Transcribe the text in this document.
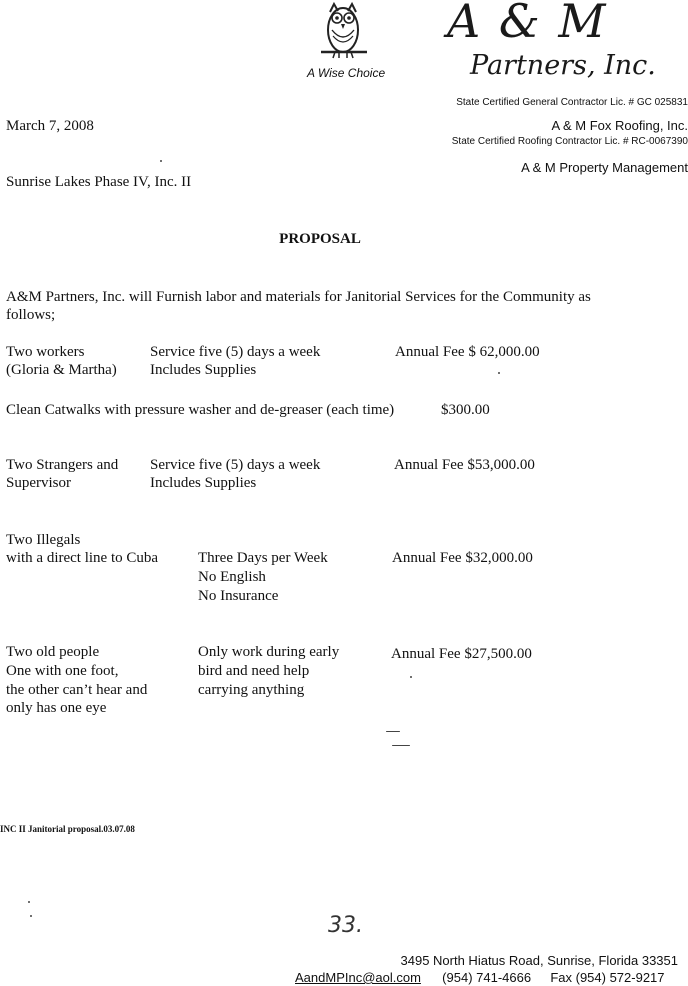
A & M
Partners, Inc.
A Wise Choice
State Certified General Contractor Lic. # GC 025831
A & M Fox Roofing, Inc.
State Certified Roofing Contractor Lic. # RC-0067390
A & M Property Management
March 7, 2008
Sunrise Lakes Phase IV, Inc. II
PROPOSAL
A&M Partners, Inc. will Furnish labor and materials for Janitorial Services for the Community as
follows;
Two workers
(Gloria & Martha)
Service five (5) days a week
Includes Supplies
Annual Fee $ 62,000.00
Clean Catwalks with pressure washer and de-greaser (each time)	$300.00
Two Strangers and
Supervisor
Service five (5) days a week
Includes Supplies
Annual Fee $53,000.00
Two Illegals
with a direct line to Cuba	Three Days per Week
No English
No Insurance
Annual Fee $32,000.00
Two old people
One with one foot,
the other can’t hear and
only has one eye
Only work during early
bird and need help
carrying anything
Annual Fee $27,500.00
INC II Janitorial proposal.03.07.08
33.
3495 North Hiatus Road, Sunrise, Florida 33351
AandMPInc@aol.com (954) 741-4666 Fax (954) 572-9217
